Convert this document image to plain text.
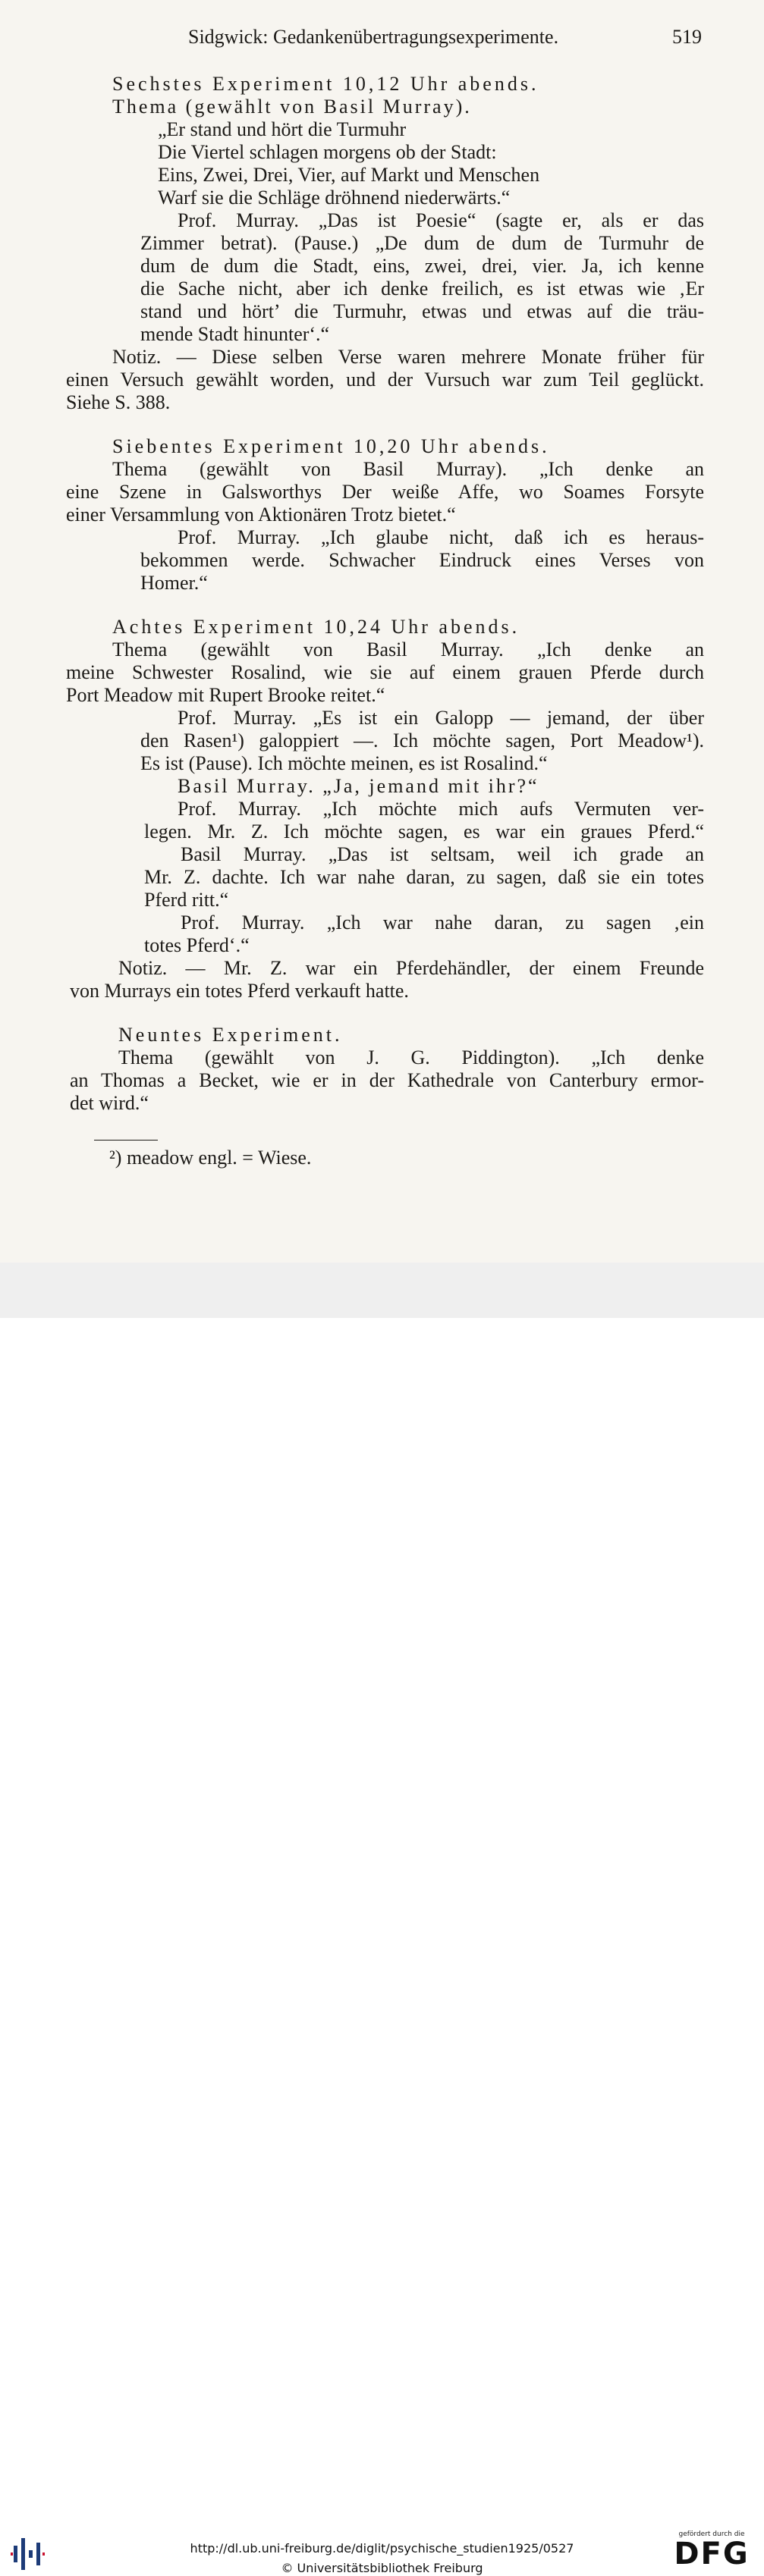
Sidgwick: Gedankenübertragungsexperimente.	519
Sechstes Experiment 10,12 Uhr abends.
Thema (gewählt von Basil Murray).
„Er stand und hört die Turmuhr
Die Viertel schlagen morgens ob der Stadt:
Eins, Zwei, Drei, Vier, auf Markt und Menschen
Warf sie die Schläge dröhnend niederwärts.“
Prof. Murray. „Das ist Poesie“ (sagte er, als er das
Zimmer betrat). (Pause.) „De dum de dum de Turmuhr de
dum de dum die Stadt, eins, zwei, drei, vier. Ja, ich kenne
die Sache nicht, aber ich denke freilich, es ist etwas wie ‚Er
stand und hört’ die Turmuhr, etwas und etwas auf die träu-
mende Stadt hinunter‘.“
Notiz. — Diese selben Verse waren mehrere Monate früher für
einen Versuch gewählt worden, und der Vursuch war zum Teil geglückt.
Siehe S. 388.
Siebentes Experiment 10,20 Uhr abends.
Thema (gewählt von Basil Murray). „Ich denke an
eine Szene in Galsworthys Der weiße Affe, wo Soames Forsyte
einer Versammlung von Aktionären Trotz bietet.“
Prof. Murray. „Ich glaube nicht, daß ich es heraus-
bekommen werde. Schwacher Eindruck eines Verses von
Homer.“
Achtes Experiment 10,24 Uhr abends.
Thema (gewählt von Basil Murray. „Ich denke an
meine Schwester Rosalind, wie sie auf einem grauen Pferde durch
Port Meadow mit Rupert Brooke reitet.“
Prof. Murray. „Es ist ein Galopp — jemand, der über
den Rasen¹) galoppiert —. Ich möchte sagen, Port Meadow¹).
Es ist (Pause). Ich möchte meinen, es ist Rosalind.“
Basil Murray. „Ja, jemand mit ihr?“
Prof. Murray. „Ich möchte mich aufs Vermuten ver-
legen. Mr. Z. Ich möchte sagen, es war ein graues Pferd.“
Basil Murray. „Das ist seltsam, weil ich grade an
Mr. Z. dachte. Ich war nahe daran, zu sagen, daß sie ein totes
Pferd ritt.“
Prof. Murray. „Ich war nahe daran, zu sagen ‚ein
totes Pferd‘.“
Notiz. — Mr. Z. war ein Pferdehändler, der einem Freunde
von Murrays ein totes Pferd verkauft hatte.
Neuntes Experiment.
Thema (gewählt von J. G. Piddington). „Ich denke
an Thomas a Becket, wie er in der Kathedrale von Canterbury ermor-
det wird.“
²) meadow engl. = Wiese.
http://dl.ub.uni-freiburg.de/diglit/psychische_studien1925/0527
© Universitätsbibliothek Freiburg
gefördert durch die
DFG
